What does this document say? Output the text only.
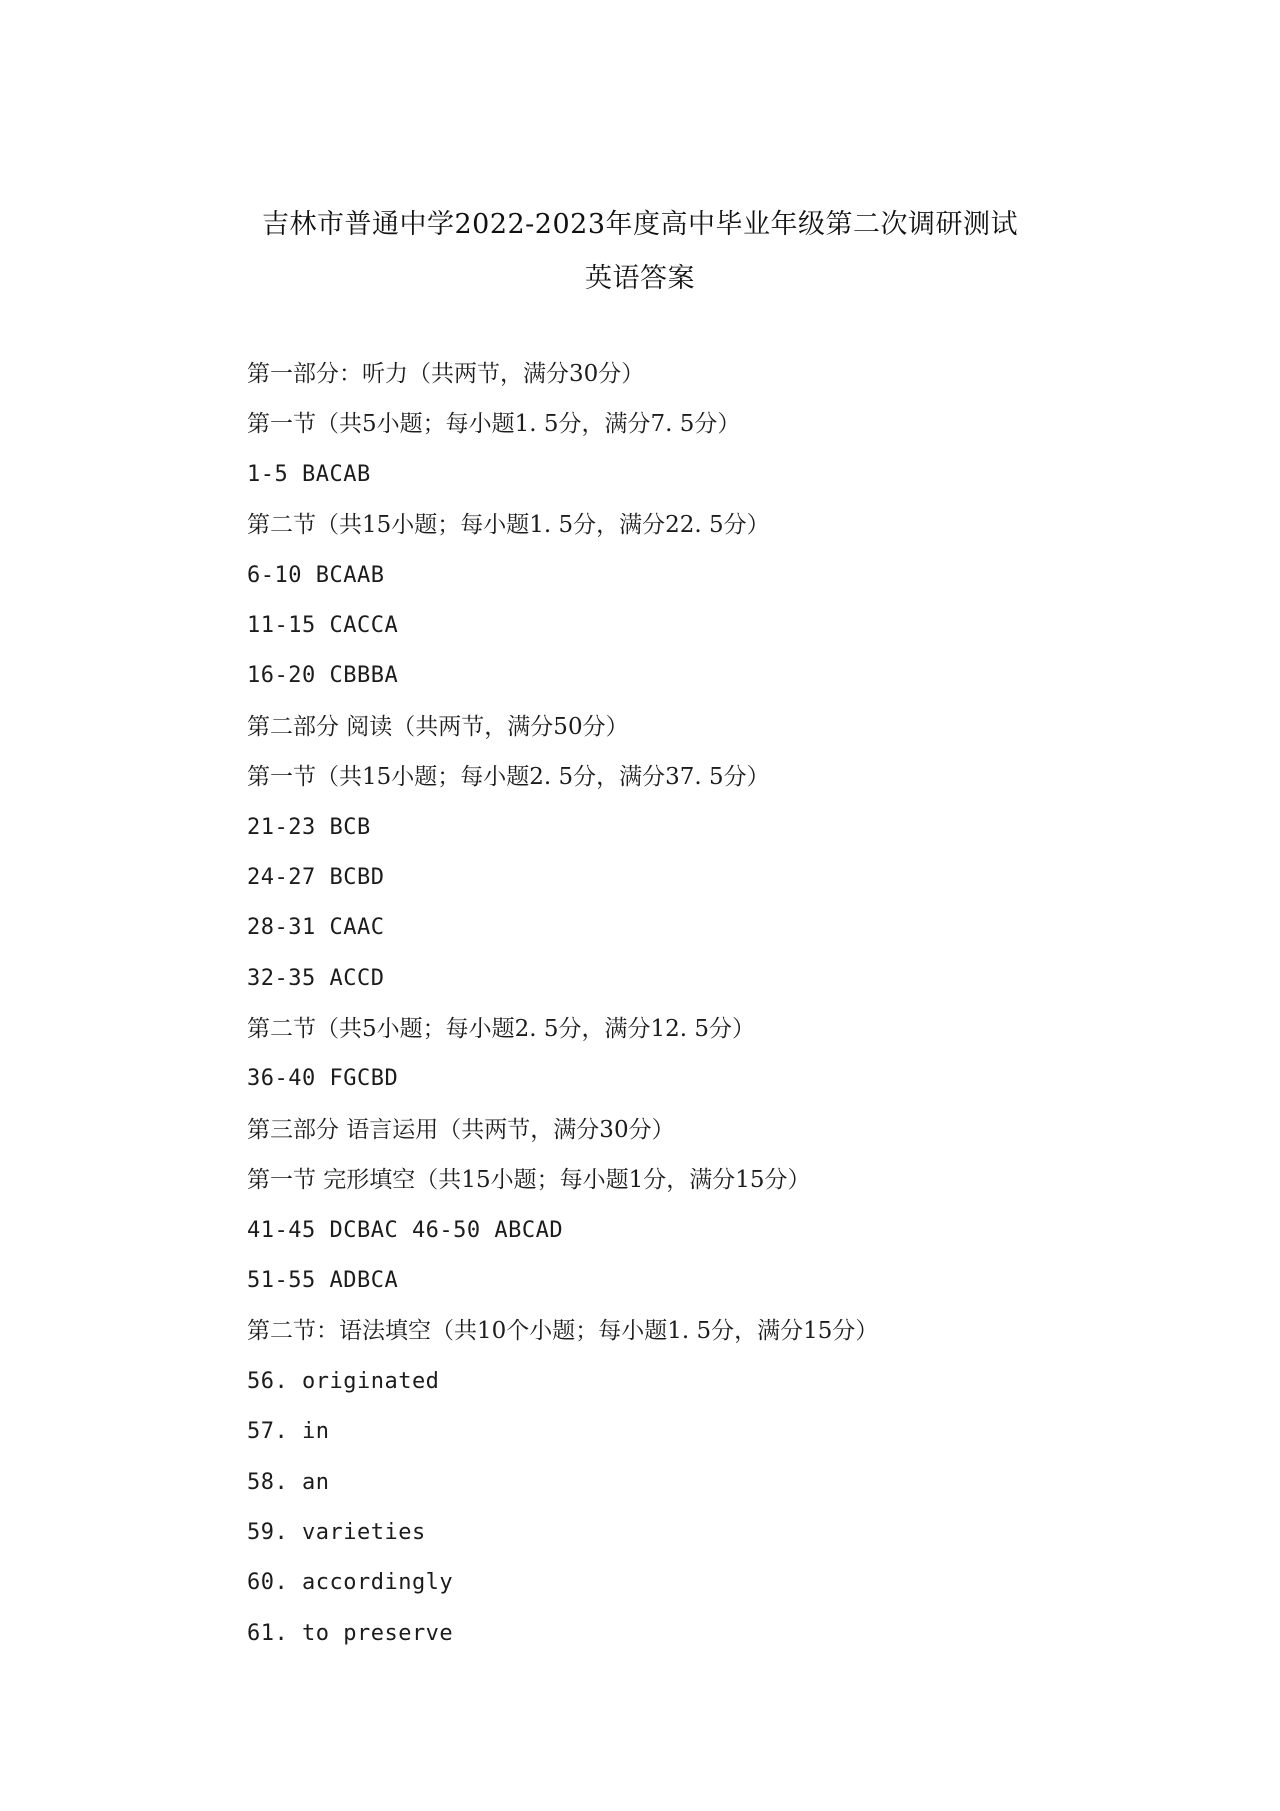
吉林市普通中学2022-2023年度高中毕业年级第二次调研测试
英语答案
第一部分：听力（共两节，满分30分）
第一节（共5小题；每小题1. 5分，满分7. 5分）
1-5 BACAB
第二节（共15小题；每小题1. 5分，满分22. 5分）
6-10 BCAAB
11-15 CACCA
16-20 CBBBA
第二部分 阅读（共两节，满分50分）
第一节（共15小题；每小题2. 5分，满分37. 5分）
21-23 BCB
24-27 BCBD
28-31 CAAC
32-35 ACCD
第二节（共5小题；每小题2. 5分，满分12. 5分）
36-40 FGCBD
第三部分 语言运用（共两节，满分30分）
第一节 完形填空（共15小题；每小题1分，满分15分）
41-45 DCBAC 46-50 ABCAD
51-55 ADBCA
第二节：语法填空（共10个小题；每小题1. 5分，满分15分）
56. originated
57. in
58. an
59. varieties
60. accordingly
61. to preserve
